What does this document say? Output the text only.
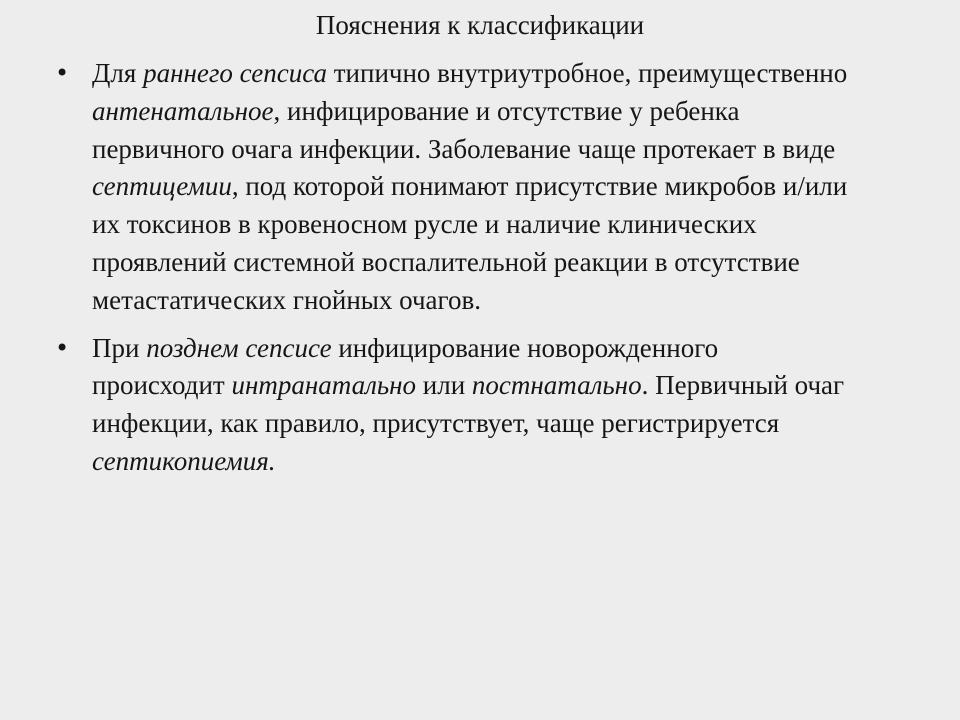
Пояснения к классификации
• Для раннего сепсиса типично внутриутробное, преимущественно антенатальное, инфицирование и отсутствие у ребенка первичного очага инфекции. Заболевание чаще протекает в виде септицемии, под которой понимают присутствие микробов и/или их токсинов в кровеносном русле и наличие клинических проявлений системной воспалительной реакции в отсутствие метастатических гнойных очагов.
• При позднем сепсисе инфицирование новорожденного происходит интранатально или постнатально. Первичный очаг инфекции, как правило, присутствует, чаще регистрируется септикопиемия.
